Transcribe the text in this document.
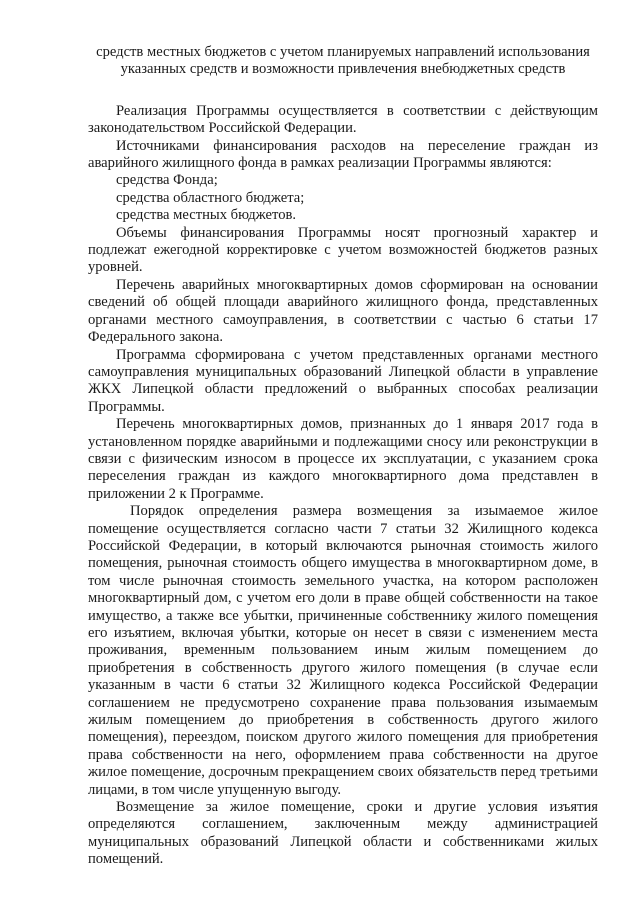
средств местных бюджетов с учетом планируемых направлений использования
указанных средств и возможности привлечения внебюджетных средств

Реализация Программы осуществляется в соответствии с действующим законодательством Российской Федерации.

Источниками финансирования расходов на переселение граждан из аварийного жилищного фонда в рамках реализации Программы являются:

средства Фонда;

средства областного бюджета;

средства местных бюджетов.

Объемы финансирования Программы носят прогнозный характер и подлежат ежегодной корректировке с учетом возможностей бюджетов разных уровней.

Перечень аварийных многоквартирных домов сформирован на основании сведений об общей площади аварийного жилищного фонда, представленных органами местного самоуправления, в соответствии с частью 6 статьи 17 Федерального закона.

Программа сформирована с учетом представленных органами местного самоуправления муниципальных образований Липецкой области в управление ЖКХ Липецкой области предложений о выбранных способах реализации Программы.

Перечень многоквартирных домов, признанных до 1 января 2017 года в установленном порядке аварийными и подлежащими сносу или реконструкции в связи с физическим износом в процессе их эксплуатации, с указанием срока переселения граждан из каждого многоквартирного дома представлен в приложении 2 к Программе.

Порядок определения размера возмещения за изымаемое жилое помещение осуществляется согласно части 7 статьи 32 Жилищного кодекса Российской Федерации, в который включаются рыночная стоимость жилого помещения, рыночная стоимость общего имущества в многоквартирном доме, в том числе рыночная стоимость земельного участка, на котором расположен многоквартирный дом, с учетом его доли в праве общей собственности на такое имущество, а также все убытки, причиненные собственнику жилого помещения его изъятием, включая убытки, которые он несет в связи с изменением места проживания, временным пользованием иным жилым помещением до приобретения в собственность другого жилого помещения (в случае если указанным в части 6 статьи 32 Жилищного кодекса Российской Федерации соглашением не предусмотрено сохранение права пользования изымаемым жилым помещением до приобретения в собственность другого жилого помещения), переездом, поиском другого жилого помещения для приобретения права собственности на него, оформлением права собственности на другое жилое помещение, досрочным прекращением своих обязательств перед третьими лицами, в том числе упущенную выгоду.

Возмещение за жилое помещение, сроки и другие условия изъятия определяются соглашением, заключенным между администрацией муниципальных образований Липецкой области и собственниками жилых помещений.
